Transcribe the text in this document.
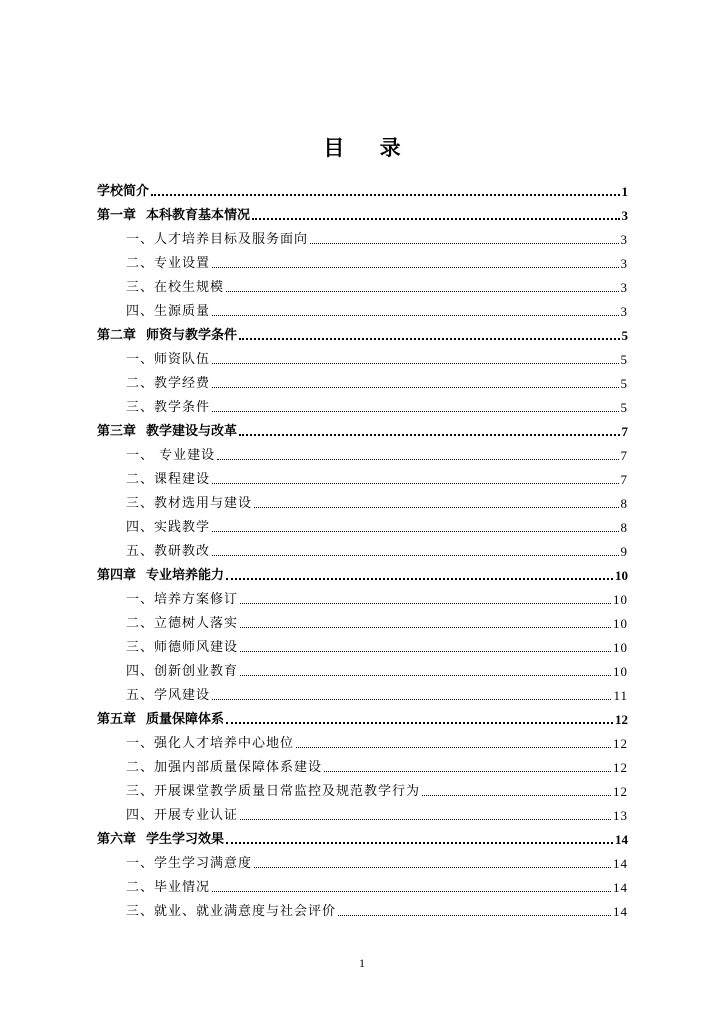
目 录
学校简介	1
第一章 本科教育基本情况	3
一、人才培养目标及服务面向	3
二、专业设置	3
三、在校生规模	3
四、生源质量	3
第二章 师资与教学条件	5
一、师资队伍	5
二、教学经费	5
三、教学条件	5
第三章 教学建设与改革	7
一、 专业建设	7
二、课程建设	7
三、教材选用与建设	8
四、实践教学	8
五、教研教改	9
第四章 专业培养能力	10
一、培养方案修订	10
二、立德树人落实	10
三、师德师风建设	10
四、创新创业教育	10
五、学风建设	11
第五章 质量保障体系	12
一、强化人才培养中心地位	12
二、加强内部质量保障体系建设	12
三、开展课堂教学质量日常监控及规范教学行为	12
四、开展专业认证	13
第六章 学生学习效果	14
一、学生学习满意度	14
二、毕业情况	14
三、就业、就业满意度与社会评价	14
1
